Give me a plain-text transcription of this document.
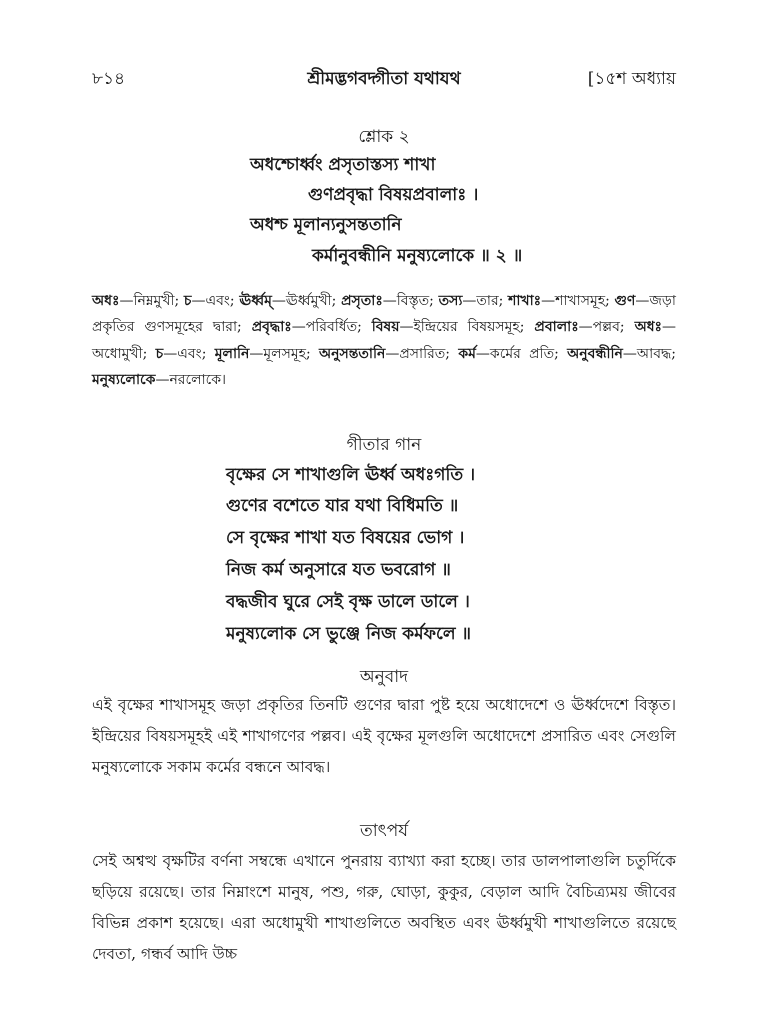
৮১৪	শ্রীমদ্ভগবদ্গীতা যথাযথ	[১৫শ অধ্যায়
শ্লোক ২
অধশ্চোর্ধ্বং প্রসৃতাস্তস্য শাখা
গুণপ্রবৃদ্ধা বিষয়প্রবালাঃ ।
অধশ্চ মূলান্যনুসন্ততানি
কর্মানুবন্ধীনি মনুষ্যলোকে ॥ ২ ॥
অধঃ—নিম্নমুখী; চ—এবং; ঊর্ধ্বম্—ঊর্ধ্বমুখী; প্রসৃতাঃ—বিস্তৃত; তস্য—তার; শাখাঃ—শাখাসমূহ; গুণ—জড়া প্রকৃতির গুণসমূহের দ্বারা; প্রবৃদ্ধাঃ—পরিবর্ধিত; বিষয়—ইন্দ্রিয়ের বিষয়সমূহ; প্রবালাঃ—পল্লব; অধঃ—অধোমুখী; চ—এবং; মূলানি—মূলসমূহ; অনুসন্ততানি—প্রসারিত; কর্ম—কর্মের প্রতি; অনুবন্ধীনি—আবদ্ধ; মনুষ্যলোকে—নরলোকে।
গীতার গান
বৃক্ষের সে শাখাগুলি ঊর্ধ্ব অধঃগতি ।
গুণের বশেতে যার যথা বিধিমতি ॥
সে বৃক্ষের শাখা যত বিষয়ের ভোগ ।
নিজ কর্ম অনুসারে যত ভবরোগ ॥
বদ্ধজীব ঘুরে সেই বৃক্ষ ডালে ডালে ।
মনুষ্যলোক সে ভুঞ্জে নিজ কর্মফলে ॥
অনুবাদ
এই বৃক্ষের শাখাসমূহ জড়া প্রকৃতির তিনটি গুণের দ্বারা পুষ্ট হয়ে অধোদেশে ও ঊর্ধ্বদেশে বিস্তৃত। ইন্দ্রিয়ের বিষয়সমূহই এই শাখাগণের পল্লব। এই বৃক্ষের মূলগুলি অধোদেশে প্রসারিত এবং সেগুলি মনুষ্যলোকে সকাম কর্মের বন্ধনে আবদ্ধ।
তাৎপর্য
সেই অশ্বত্থ বৃক্ষটির বর্ণনা সম্বন্ধে এখানে পুনরায় ব্যাখ্যা করা হচ্ছে। তার ডালপালাগুলি চতুর্দিকে ছড়িয়ে রয়েছে। তার নিম্নাংশে মানুষ, পশু, গরু, ঘোড়া, কুকুর, বেড়াল আদি বৈচিত্র্যময় জীবের বিভিন্ন প্রকাশ হয়েছে। এরা অধোমুখী শাখাগুলিতে অবস্থিত এবং ঊর্ধ্বমুখী শাখাগুলিতে রয়েছে দেবতা, গন্ধর্ব আদি উচ্চ
